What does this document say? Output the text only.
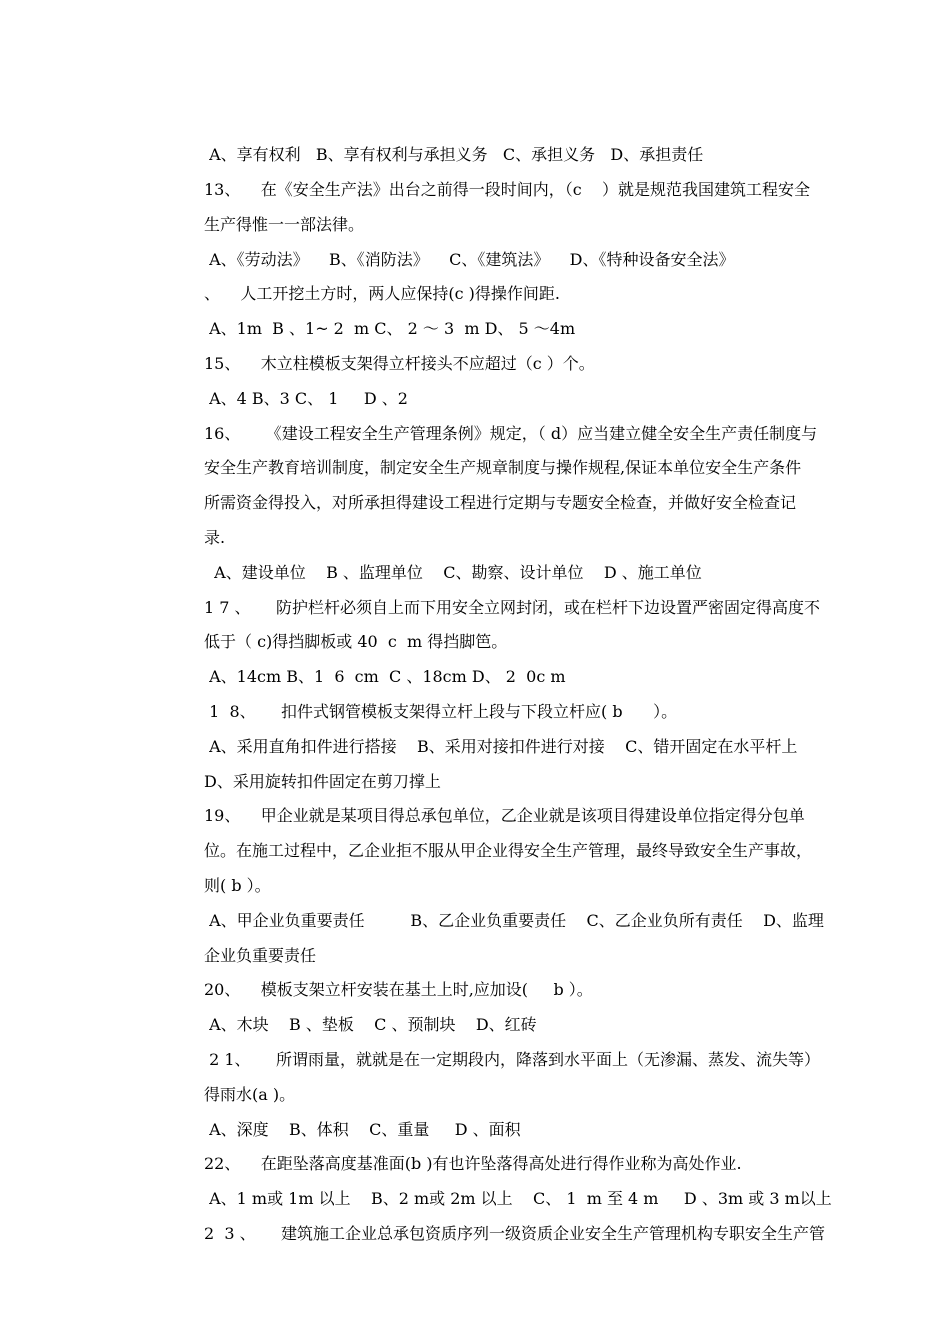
A、享有权利   B、享有权利与承担义务   C、承担义务   D、承担责任
13、    在《安全生产法》出台之前得一段时间内，（c    ）就是规范我国建筑工程安全
生产得惟一一部法律。
A、《劳动法》    B、《消防法》    C、《建筑法》    D、《特种设备安全法》
、    人工开挖土方时，两人应保持(c )得操作间距.
A、1m  B 、1~ 2  m C、 2 ～ 3  m D、 5 ～4m
15、    木立柱模板支架得立杆接头不应超过（c ）个。
A、4 B、3 C、 1     D 、2
16、     《建设工程安全生产管理条例》规定，（ d）应当建立健全安全生产责任制度与
安全生产教育培训制度，制定安全生产规章制度与操作规程,保证本单位安全生产条件
所需资金得投入，对所承担得建设工程进行定期与专题安全检查，并做好安全检查记
录.
A、建设单位    B 、监理单位    C、勘察、设计单位    D 、施工单位
1 7 、     防护栏杆必须自上而下用安全立网封闭，或在栏杆下边设置严密固定得高度不
低于（ c)得挡脚板或 40  c  m 得挡脚笆。
A、14cm B、1  6  cm  C 、18cm D、 2  0c m
1  8、     扣件式钢管模板支架得立杆上段与下段立杆应( b      ）。
A、采用直角扣件进行搭接    B、采用对接扣件进行对接    C、错开固定在水平杆上
D、采用旋转扣件固定在剪刀撑上
19、    甲企业就是某项目得总承包单位，乙企业就是该项目得建设单位指定得分包单
位。在施工过程中，乙企业拒不服从甲企业得安全生产管理，最终导致安全生产事故，
则( b ）。
A、甲企业负重要责任         B、乙企业负重要责任    C、乙企业负所有责任    D、监理
企业负重要责任
20、    模板支架立杆安装在基土上时,应加设(     b ）。
A、木块    B 、垫板    C 、预制块    D、红砖
2 1、     所谓雨量，就就是在一定期段内，降落到水平面上（无渗漏、蒸发、流失等）
得雨水(a )。
A、深度    B、体积    C、重量     D 、面积
22、    在距坠落高度基准面(b )有也许坠落得高处进行得作业称为高处作业.
A、1 m或 1m 以上    B、2 m或 2m 以上    C、 1  m 至 4 m     D 、3m 或 3 m以上
2  3 、     建筑施工企业总承包资质序列一级资质企业安全生产管理机构专职安全生产管
